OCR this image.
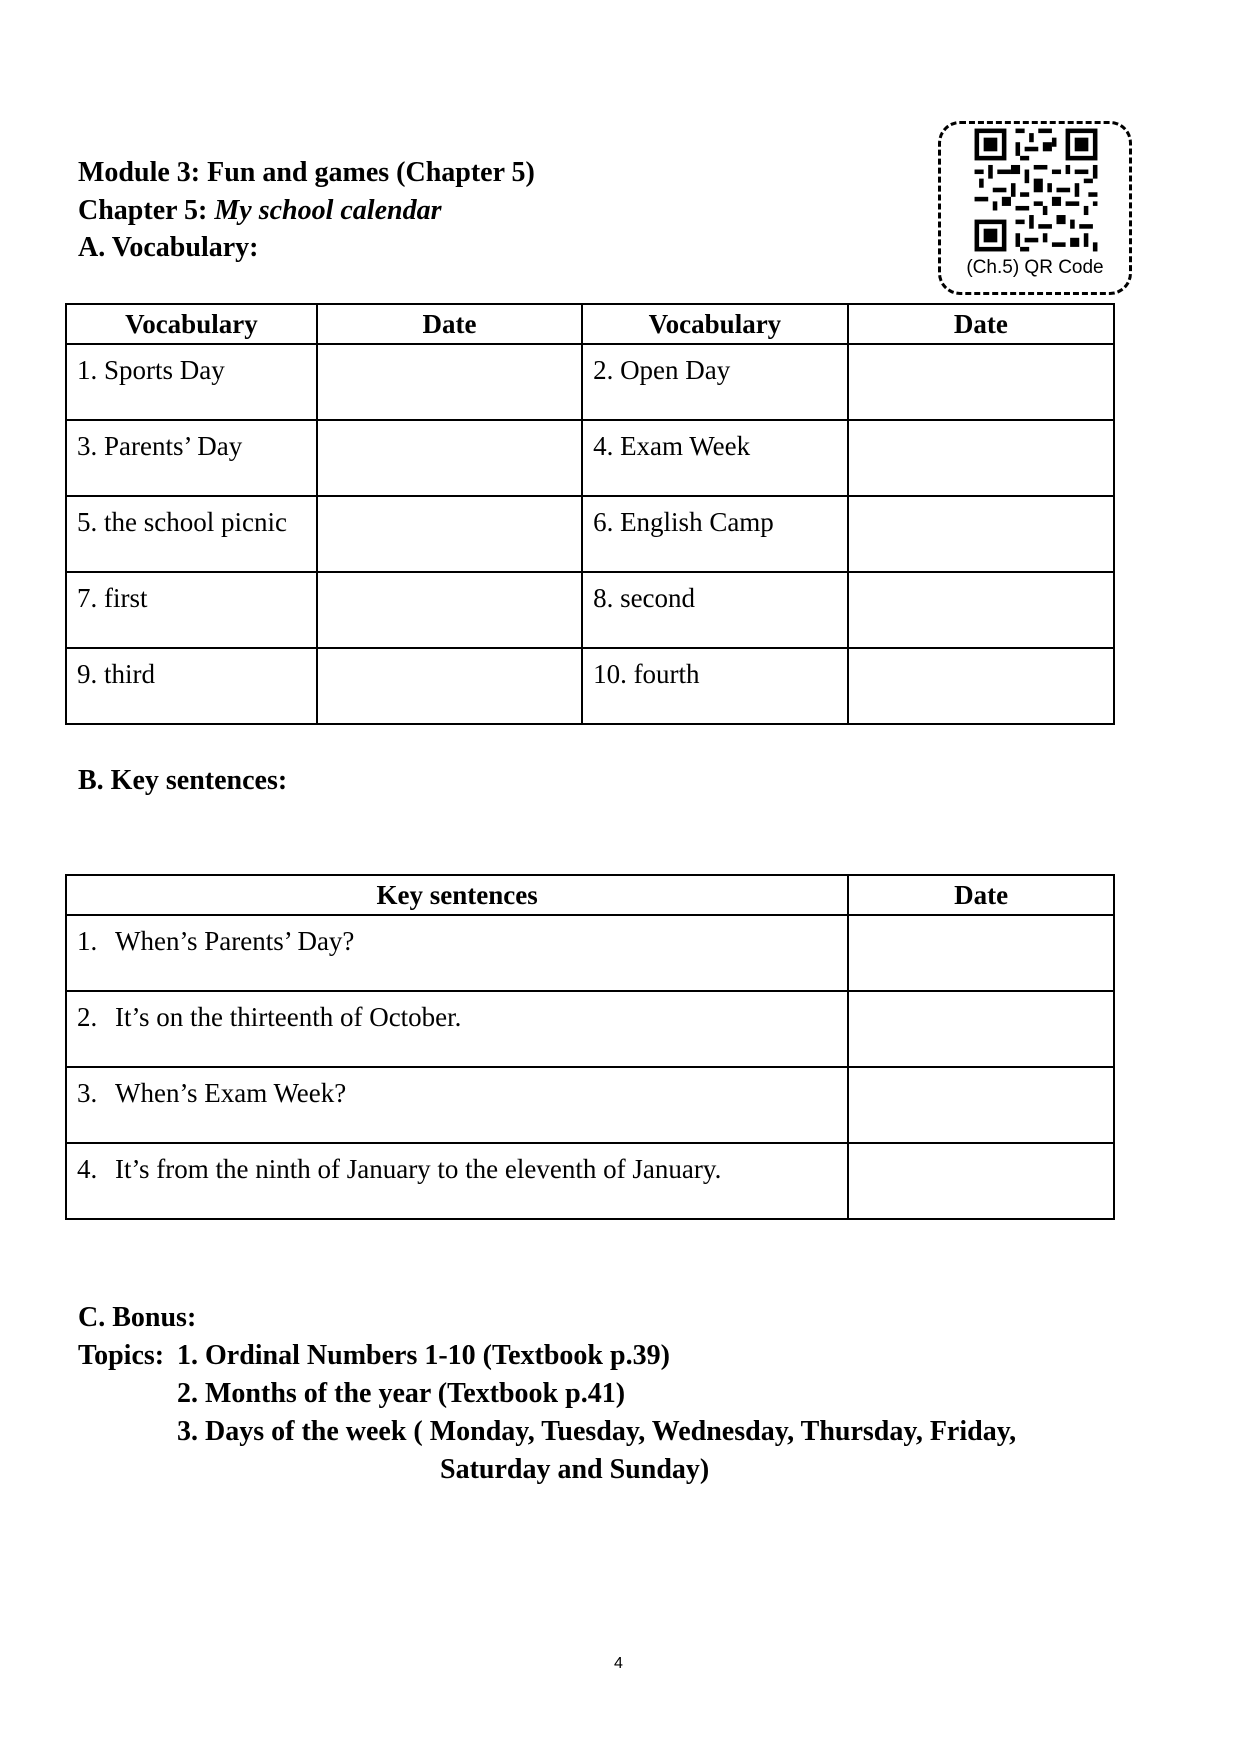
Module 3: Fun and games (Chapter 5)
Chapter 5: My school calendar
A. Vocabulary:
(Ch.5) QR Code
Vocabulary	Date	Vocabulary	Date

1. Sports Day		2. Open Day	

3. Parents’ Day		4. Exam Week	

5. the school picnic		6. English Camp	

7. first		8. second	

9. third		10. fourth	

B. Key sentences:
Key sentences	Date

1. When’s Parents’ Day?	

2. It’s on the thirteenth of October.	

3. When’s Exam Week?	

4. It’s from the ninth of January to the eleventh of January.	

C. Bonus:
Topics: 1. Ordinal Numbers 1-10 (Textbook p.39)
2. Months of the year (Textbook p.41)
3. Days of the week ( Monday, Tuesday, Wednesday, Thursday, Friday,
Saturday and Sunday)
4
